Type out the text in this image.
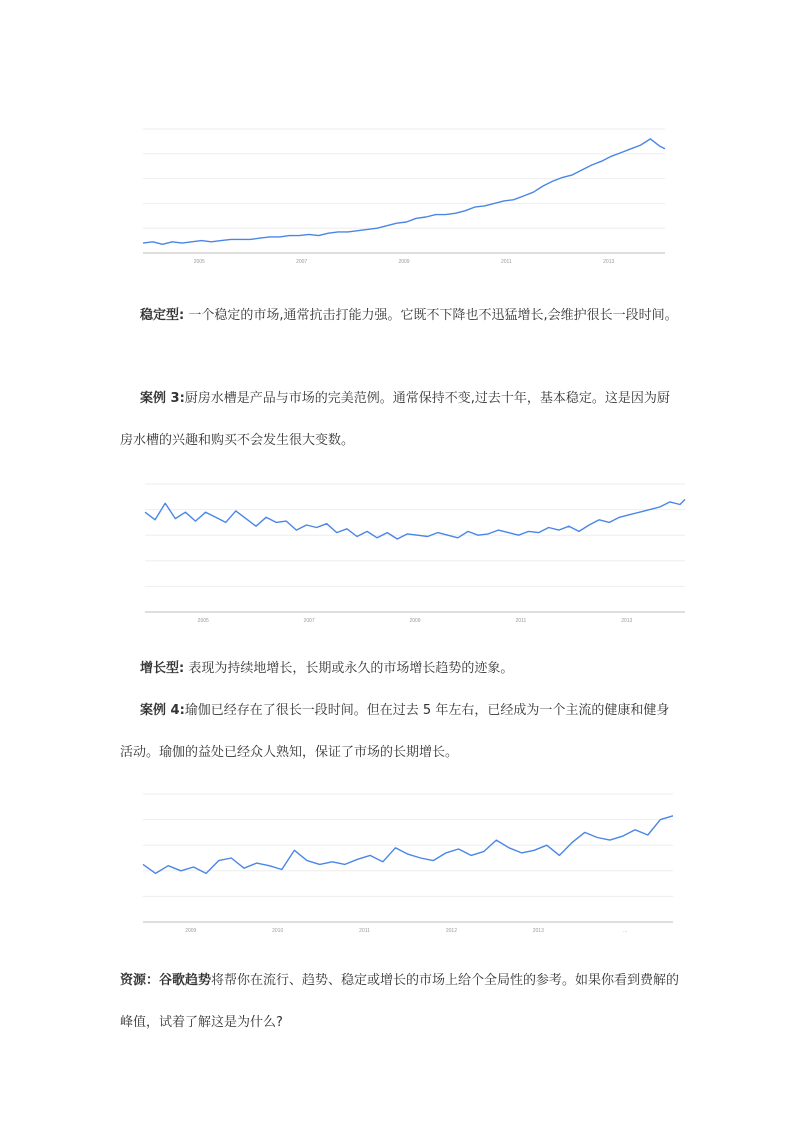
2005	2007	2009	2011	2013

稳定型: 一个稳定的市场,通常抗击打能力强。它既不下降也不迅猛增长,会维护很长一段时间。

案例 3:厨房水槽是产品与市场的完美范例。通常保持不变,过去十年，基本稳定。这是因为厨房水槽的兴趣和购买不会发生很大变数。

2005	2007	2009	2011	2013

增长型: 表现为持续地增长，长期或永久的市场增长趋势的迹象。

案例 4:瑜伽已经存在了很长一段时间。但在过去 5 年左右，已经成为一个主流的健康和健身活动。瑜伽的益处已经众人熟知，保证了市场的长期增长。

2009	2010	2011	2012	2013	...

资源：谷歌趋势将帮你在流行、趋势、稳定或增长的市场上给个全局性的参考。如果你看到费解的峰值，试着了解这是为什么?
